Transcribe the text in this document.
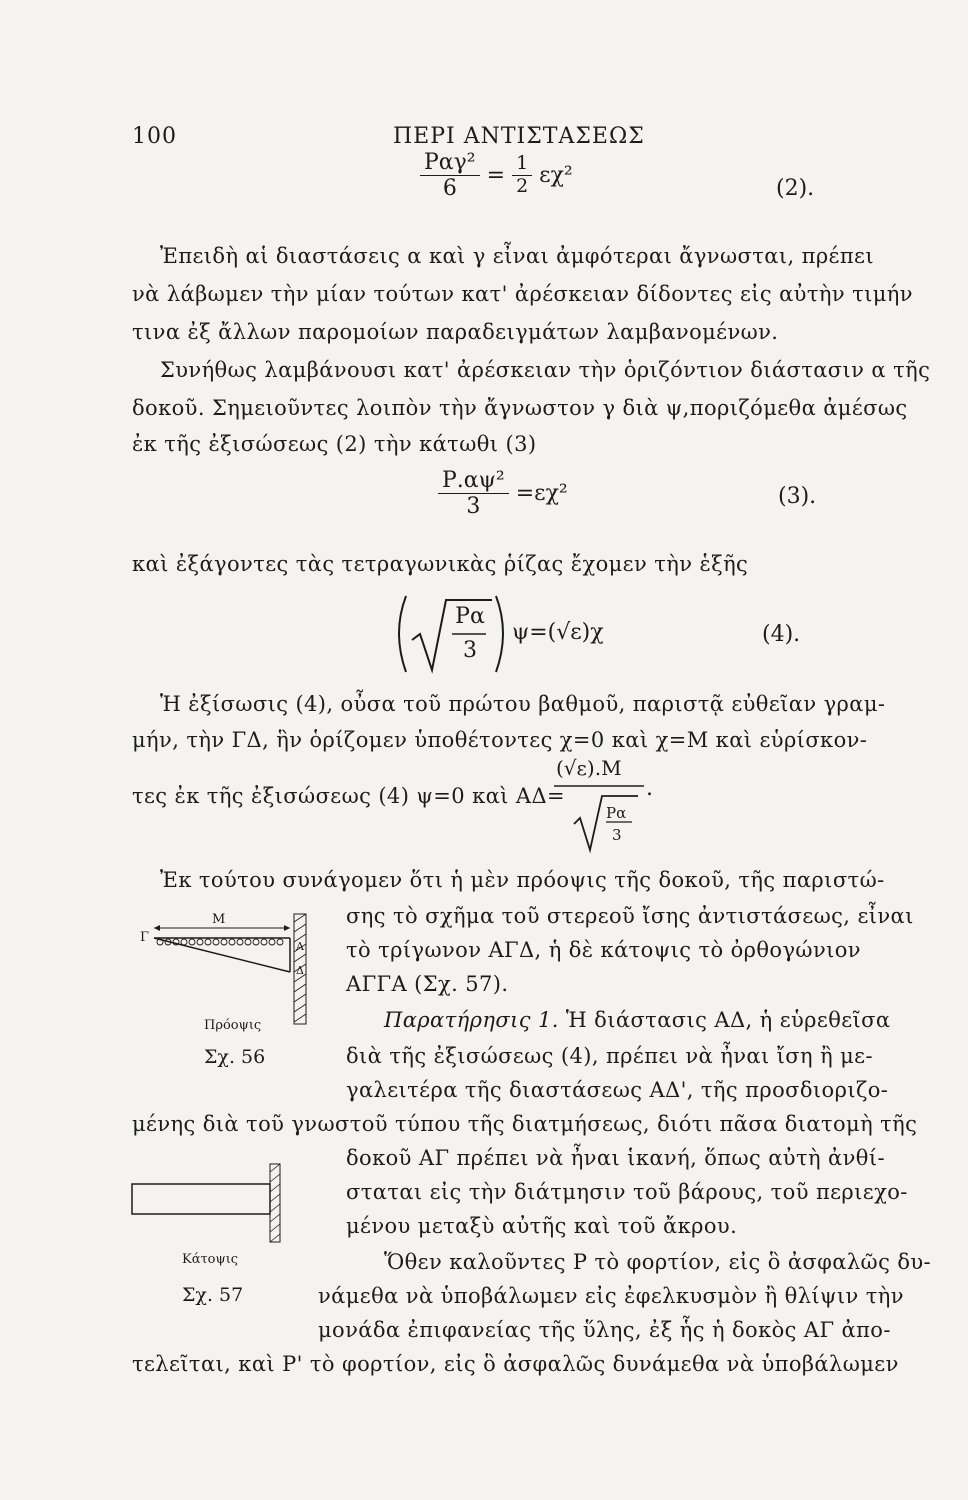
100	ΠΕΡΙ ΑΝΤΙΣΤΑΣΕΩΣ
$\frac{\text{Ραγ²}}{6} = \frac{1}{2} \varepsilon\chi^2$
(2).
Ἐπειδὴ αἱ διαστάσεις α καὶ γ εἶναι ἀμφότεραι ἄγνωσται, πρέπει
νὰ λάβωμεν τὴν μίαν τούτων κατ' ἀρέσκειαν δίδοντες εἰς αὐτὴν τιμήν
τινα ἐξ ἄλλων παρομοίων παραδειγμάτων λαμβανομένων.
Συνήθως λαμβάνουσι κατ' ἀρέσκειαν τὴν ὁριζόντιον διάστασιν α τῆς
δοκοῦ. Σημειοῦντες λοιπὸν τὴν ἄγνωστον γ διὰ ψ,ποριζόμεθα ἀμέσως
ἐκ τῆς ἐξισώσεως (2) τὴν κάτωθι (3)
$\frac{\text{Ρ.αψ²}}{3} =\varepsilon\chi^2$	(3).
καὶ ἐξάγοντες τὰς τετραγωνικὰς ῥίζας ἔχομεν τὴν ἑξῆς
Ρα
3
ψ=(√ε)χ	(4).
Ἡ ἐξίσωσις (4), οὖσα τοῦ πρώτου βαθμοῦ, παριστᾷ εὐθεῖαν γραμ-
μήν, τὴν ΓΔ, ἣν ὁρίζομεν ὑποθέτοντες χ=0 καὶ χ=Μ καὶ εὑρίσκον-
τες ἐκ τῆς ἐξισώσεως (4) ψ=0 καὶ ΑΔ=
(√ε).Μ
Ρα
3
.
Ἐκ τούτου συνάγομεν ὅτι ἡ μὲν πρόοψις τῆς δοκοῦ, τῆς παριστώ-
σης τὸ σχῆμα τοῦ στερεοῦ ἴσης ἀντιστάσεως, εἶναι
τὸ τρίγωνον ΑΓΔ, ἡ δὲ κάτοψις τὸ ὀρθογώνιον
ΑΓΓΑ (Σχ. 57).
Μ
Γ
Α
Δ
Πρόοψις
Σχ. 56
Παρατήρησις 1. Ἡ διάστασις ΑΔ, ἡ εὑρεθεῖσα
διὰ τῆς ἐξισώσεως (4), πρέπει νὰ ἦναι ἴση ἢ με-
γαλειτέρα τῆς διαστάσεως ΑΔ', τῆς προσδιοριζο-
μένης διὰ τοῦ γνωστοῦ τύπου τῆς διατμήσεως, διότι πᾶσα διατομὴ τῆς
δοκοῦ ΑΓ πρέπει νὰ ἦναι ἱκανή, ὅπως αὐτὴ ἀνθί-
σταται εἰς τὴν διάτμησιν τοῦ βάρους, τοῦ περιεχο-
μένου μεταξὺ αὐτῆς καὶ τοῦ ἄκρου.
Κάτοψις
Σχ. 57
Ὅθεν καλοῦντες Ρ τὸ φορτίον, εἰς ὃ ἀσφαλῶς δυ-
νάμεθα νὰ ὑποβάλωμεν εἰς ἐφελκυσμὸν ἢ θλίψιν τὴν
μονάδα ἐπιφανείας τῆς ὕλης, ἐξ ἧς ἡ δοκὸς ΑΓ ἀπο-
τελεῖται, καὶ Ρ' τὸ φορτίον, εἰς ὃ ἀσφαλῶς δυνάμεθα νὰ ὑποβάλωμεν
